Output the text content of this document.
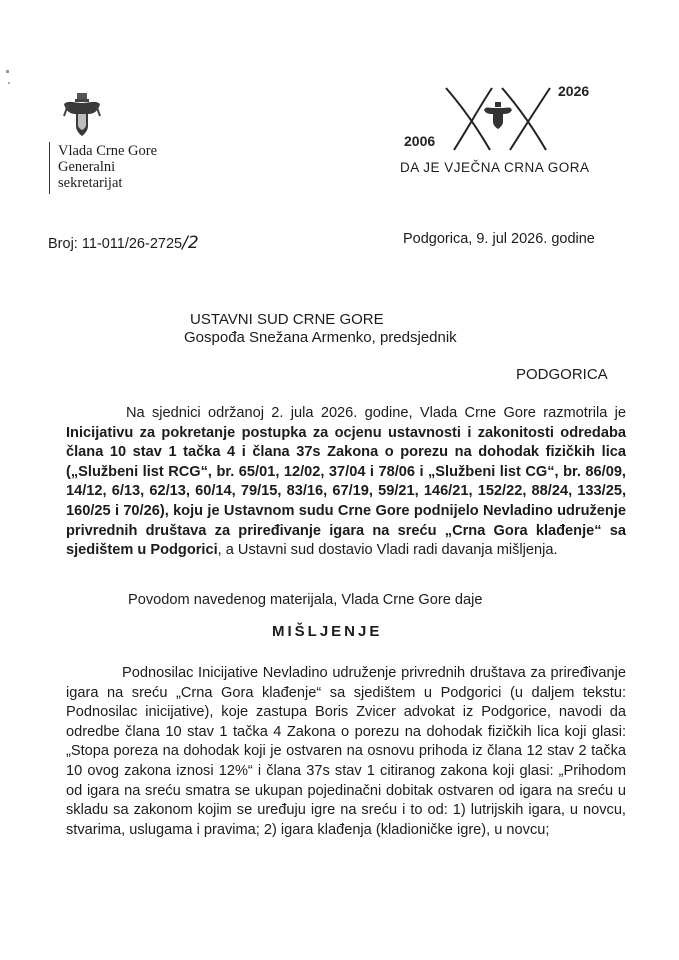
Vlada Crne Gore
Generalni
sekretarijat
2006
2026
DA JE VJEČNA CRNA GORA
Broj: 11-011/26-2725/2	Podgorica, 9. jul 2026. godine
USTAVNI SUD CRNE GORE
Gospođa Snežana Armenko, predsjednik
PODGORICA

Na sjednici održanoj 2. jula 2026. godine, Vlada Crne Gore razmotrila je Inicijativu za pokretanje postupka za ocjenu ustavnosti i zakonitosti odredaba člana 10 stav 1 tačka 4 i člana 37s Zakona o porezu na dohodak fizičkih lica („Službeni list RCG“, br. 65/01, 12/02, 37/04 i 78/06 i „Službeni list CG“, br. 86/09, 14/12, 6/13, 62/13, 60/14, 79/15, 83/16, 67/19, 59/21, 146/21, 152/22, 88/24, 133/25, 160/25 i 70/26), koju je Ustavnom sudu Crne Gore podnijelo Nevladino udruženje privrednih društava za priređivanje igara na sreću „Crna Gora klađenje“ sa sjedištem u Podgorici, a Ustavni sud dostavio Vladi radi davanja mišljenja.

Povodom navedenog materijala, Vlada Crne Gore daje
MIŠLJENJE

Podnosilac Inicijative Nevladino udruženje privrednih društava za priređivanje igara na sreću „Crna Gora klađenje“ sa sjedištem u Podgorici (u daljem tekstu: Podnosilac inicijative), koje zastupa Boris Zvicer advokat iz Podgorice, navodi da odredbe člana 10 stav 1 tačka 4 Zakona o porezu na dohodak fizičkih lica koji glasi: „Stopa poreza na dohodak koji je ostvaren na osnovu prihoda iz člana 12 stav 2 tačka 10 ovog zakona iznosi 12%“ i člana 37s stav 1 citiranog zakona koji glasi: „Prihodom od igara na sreću smatra se ukupan pojedinačni dobitak ostvaren od igara na sreću u skladu sa zakonom kojim se uređuju igre na sreću i to od: 1) lutrijskih igara, u novcu, stvarima, uslugama i pravima; 2) igara klađenja (kladioničke igre), u novcu;
